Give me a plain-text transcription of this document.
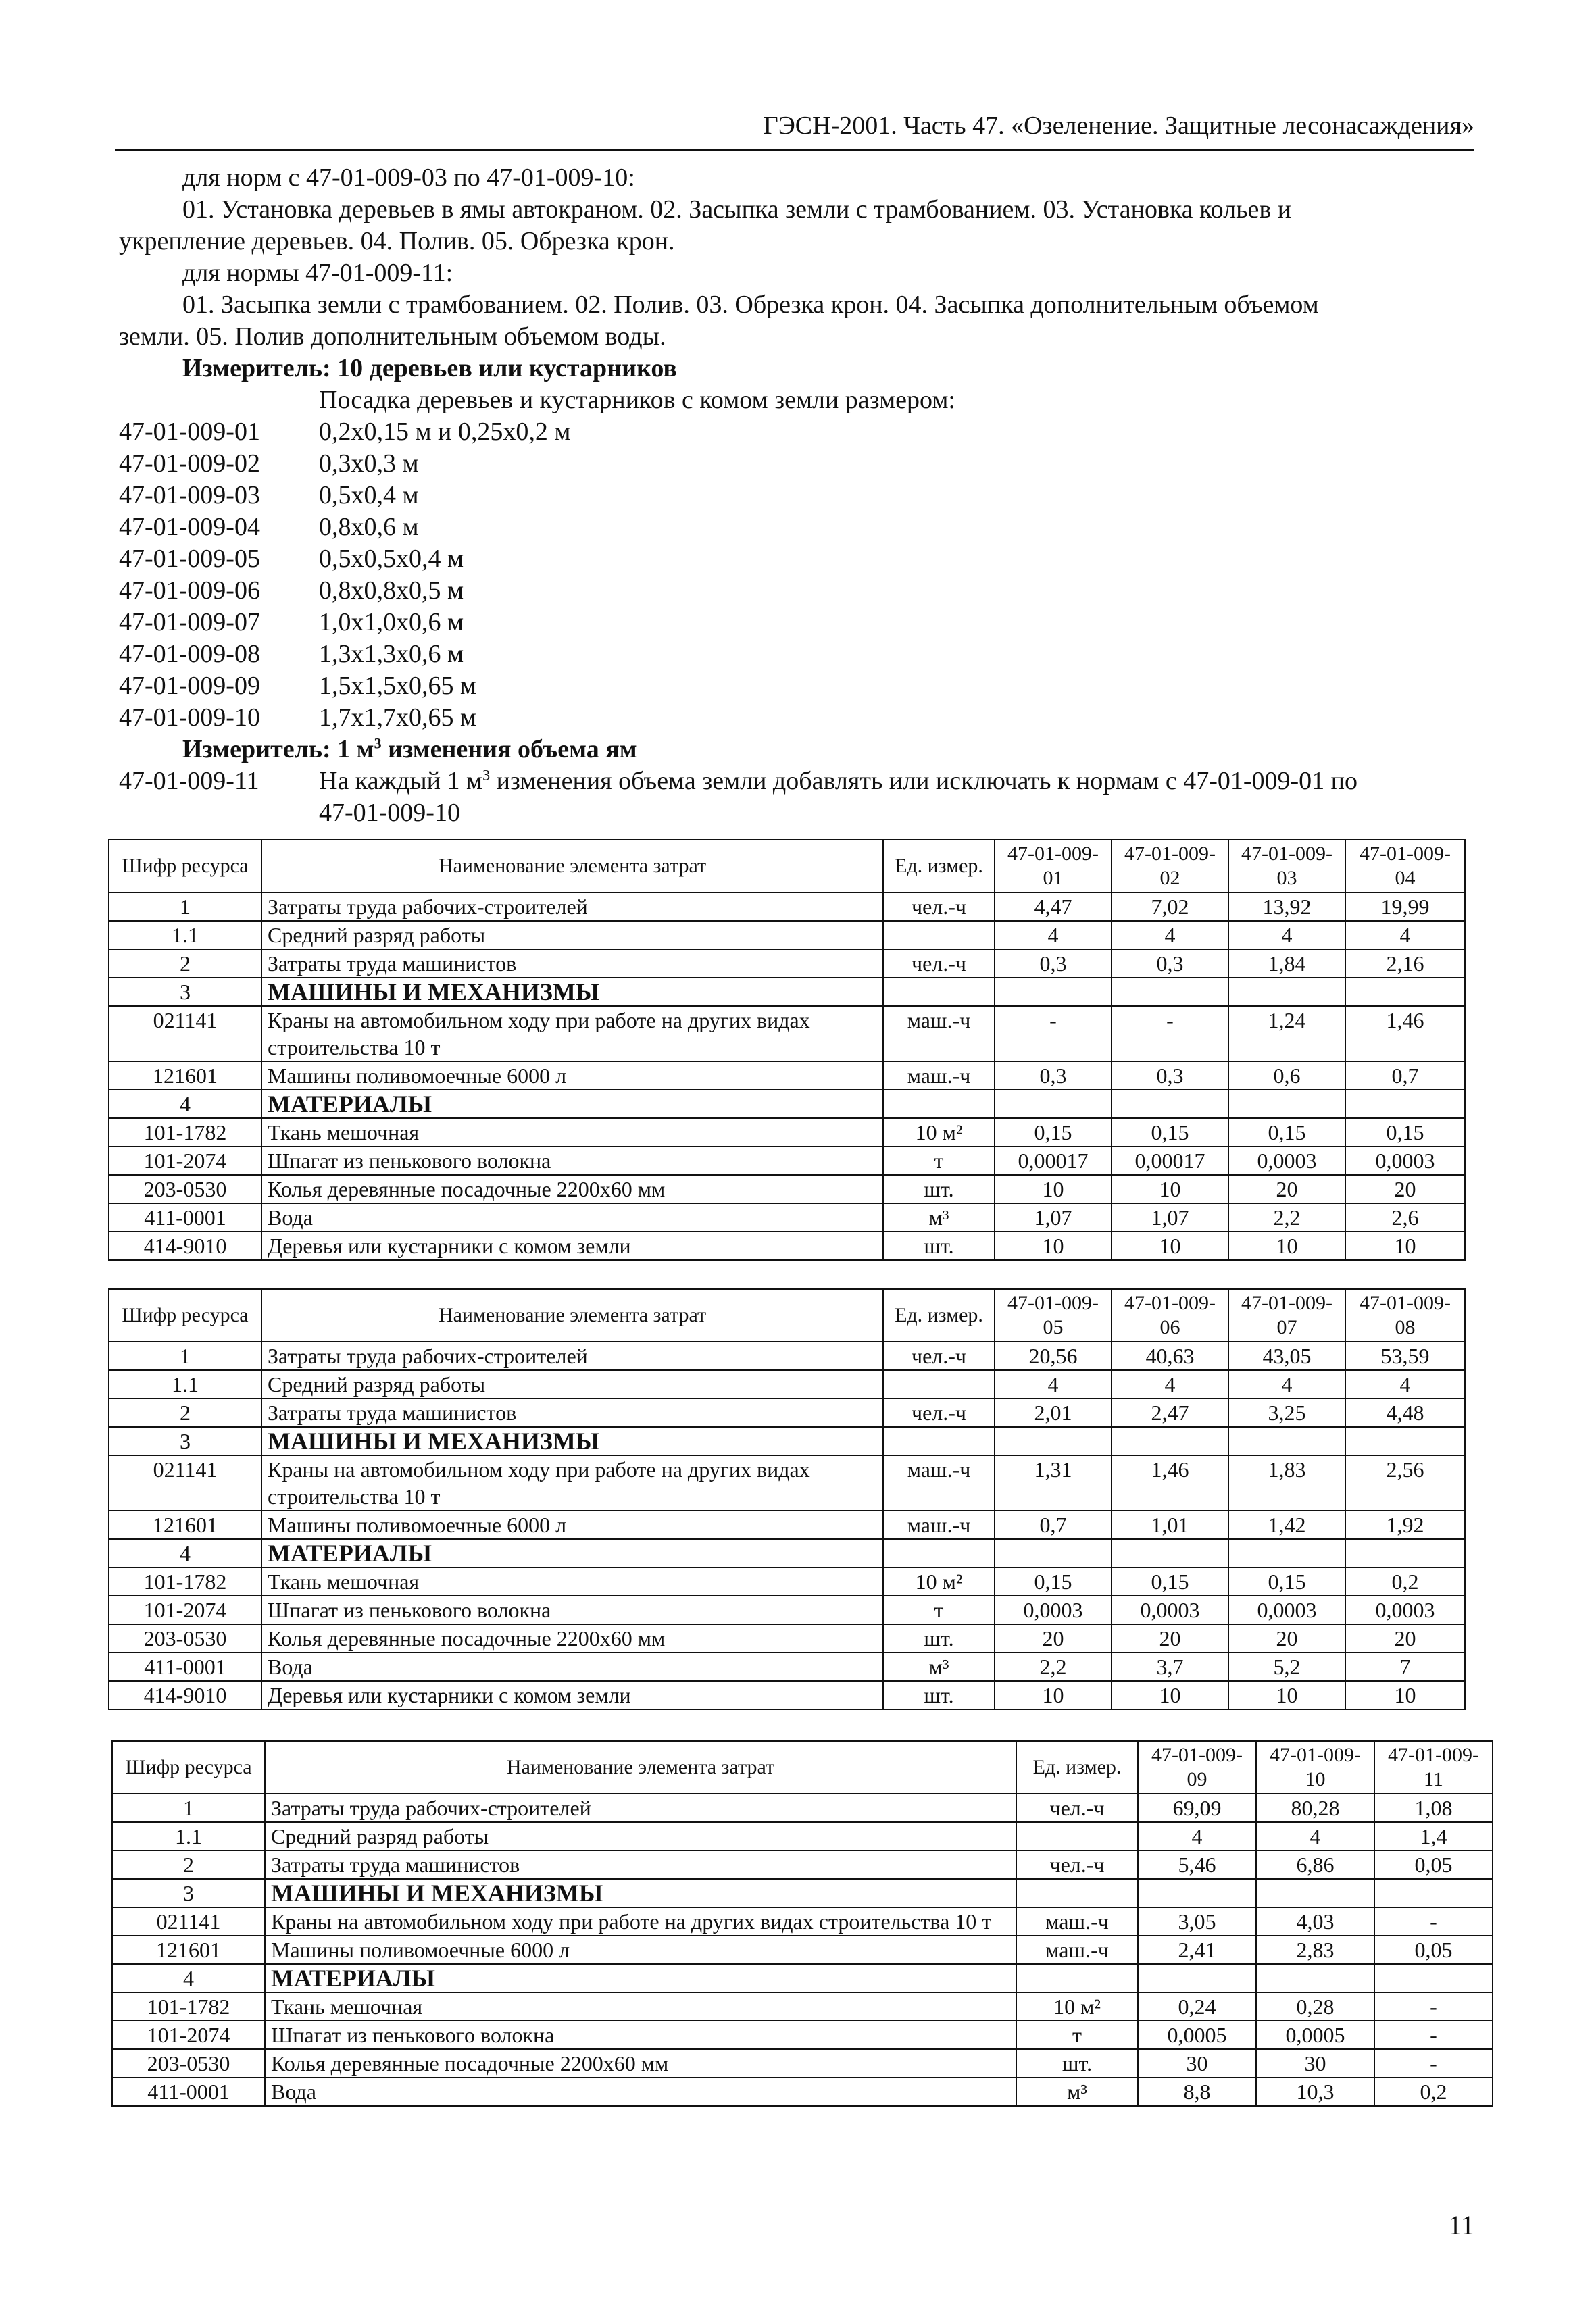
ГЭСН-2001. Часть 47. «Озеленение. Защитные лесонасаждения»
для норм с 47-01-009-03 по 47-01-009-10:
01. Установка деревьев в ямы автокраном. 02. Засыпка земли с трамбованием. 03. Установка кольев и
укрепление деревьев. 04. Полив. 05. Обрезка крон.
для нормы 47-01-009-11:
01. Засыпка земли с трамбованием. 02. Полив. 03. Обрезка крон. 04. Засыпка дополнительным объемом
земли. 05. Полив дополнительным объемом воды.
Измеритель: 10 деревьев или кустарников
Посадка деревьев и кустарников с комом земли размером:
47-01-009-01	0,2x0,15 м и 0,25x0,2 м
47-01-009-02	0,3x0,3 м
47-01-009-03	0,5x0,4 м
47-01-009-04	0,8x0,6 м
47-01-009-05	0,5x0,5x0,4 м
47-01-009-06	0,8x0,8x0,5 м
47-01-009-07	1,0x1,0x0,6 м
47-01-009-08	1,3x1,3x0,6 м
47-01-009-09	1,5x1,5x0,65 м
47-01-009-10	1,7x1,7x0,65 м
Измеритель: 1 $м^3$ изменения объема ям
47-01-009-11	На каждый 1 $м^3$ изменения объема земли добавлять или исключать к нормам с 47-01-009-01 по
47-01-009-10
Шифр ресурса	Наименование элемента затрат	Ед. измер.	47-01-009-01	47-01-009-02	47-01-009-03	47-01-009-04
1	Затраты труда рабочих-строителей	чел.-ч	4,47	7,02	13,92	19,99
1.1	Средний разряд работы		4	4	4	4
2	Затраты труда машинистов	чел.-ч	0,3	0,3	1,84	2,16
3	МАШИНЫ И МЕХАНИЗМЫ					
021141	Краны на автомобильном ходу при работе на других видах строительства 10 т	маш.-ч	-	-	1,24	1,46
121601	Машины поливомоечные 6000 л	маш.-ч	0,3	0,3	0,6	0,7
4	МАТЕРИАЛЫ					
101-1782	Ткань мешочная	10 м²	0,15	0,15	0,15	0,15
101-2074	Шпагат из пенькового волокна	т	0,00017	0,00017	0,0003	0,0003
203-0530	Колья деревянные посадочные 2200x60 мм	шт.	10	10	20	20
411-0001	Вода	м³	1,07	1,07	2,2	2,6
414-9010	Деревья или кустарники с комом земли	шт.	10	10	10	10
Шифр ресурса	Наименование элемента затрат	Ед. измер.	47-01-009-05	47-01-009-06	47-01-009-07	47-01-009-08
1	Затраты труда рабочих-строителей	чел.-ч	20,56	40,63	43,05	53,59
1.1	Средний разряд работы		4	4	4	4
2	Затраты труда машинистов	чел.-ч	2,01	2,47	3,25	4,48
3	МАШИНЫ И МЕХАНИЗМЫ					
021141	Краны на автомобильном ходу при работе на других видах строительства 10 т	маш.-ч	1,31	1,46	1,83	2,56
121601	Машины поливомоечные 6000 л	маш.-ч	0,7	1,01	1,42	1,92
4	МАТЕРИАЛЫ					
101-1782	Ткань мешочная	10 м²	0,15	0,15	0,15	0,2
101-2074	Шпагат из пенькового волокна	т	0,0003	0,0003	0,0003	0,0003
203-0530	Колья деревянные посадочные 2200x60 мм	шт.	20	20	20	20
411-0001	Вода	м³	2,2	3,7	5,2	7
414-9010	Деревья или кустарники с комом земли	шт.	10	10	10	10
Шифр ресурса	Наименование элемента затрат	Ед. измер.	47-01-009-09	47-01-009-10	47-01-009-11
1	Затраты труда рабочих-строителей	чел.-ч	69,09	80,28	1,08
1.1	Средний разряд работы		4	4	1,4
2	Затраты труда машинистов	чел.-ч	5,46	6,86	0,05
3	МАШИНЫ И МЕХАНИЗМЫ				
021141	Краны на автомобильном ходу при работе на других видах строительства 10 т	маш.-ч	3,05	4,03	-
121601	Машины поливомоечные 6000 л	маш.-ч	2,41	2,83	0,05
4	МАТЕРИАЛЫ				
101-1782	Ткань мешочная	10 м²	0,24	0,28	-
101-2074	Шпагат из пенькового волокна	т	0,0005	0,0005	-
203-0530	Колья деревянные посадочные 2200x60 мм	шт.	30	30	-
411-0001	Вода	м³	8,8	10,3	0,2
11
